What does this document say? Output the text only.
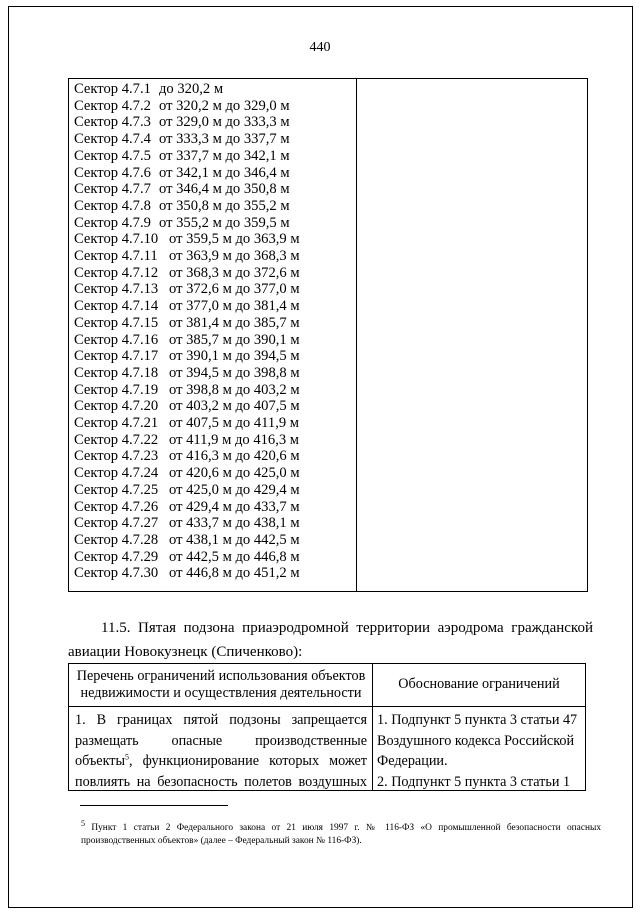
440
Сектор 4.7.1 до 320,2 м
Сектор 4.7.2 от 320,2 м до 329,0 м
Сектор 4.7.3 от 329,0 м до 333,3 м
Сектор 4.7.4 от 333,3 м до 337,7 м
Сектор 4.7.5 от 337,7 м до 342,1 м
Сектор 4.7.6 от 342,1 м до 346,4 м
Сектор 4.7.7 от 346,4 м до 350,8 м
Сектор 4.7.8 от 350,8 м до 355,2 м
Сектор 4.7.9 от 355,2 м до 359,5 м
Сектор 4.7.10 от 359,5 м до 363,9 м
Сектор 4.7.11 от 363,9 м до 368,3 м
Сектор 4.7.12 от 368,3 м до 372,6 м
Сектор 4.7.13 от 372,6 м до 377,0 м
Сектор 4.7.14 от 377,0 м до 381,4 м
Сектор 4.7.15 от 381,4 м до 385,7 м
Сектор 4.7.16 от 385,7 м до 390,1 м
Сектор 4.7.17 от 390,1 м до 394,5 м
Сектор 4.7.18 от 394,5 м до 398,8 м
Сектор 4.7.19 от 398,8 м до 403,2 м
Сектор 4.7.20 от 403,2 м до 407,5 м
Сектор 4.7.21 от 407,5 м до 411,9 м
Сектор 4.7.22 от 411,9 м до 416,3 м
Сектор 4.7.23 от 416,3 м до 420,6 м
Сектор 4.7.24 от 420,6 м до 425,0 м
Сектор 4.7.25 от 425,0 м до 429,4 м
Сектор 4.7.26 от 429,4 м до 433,7 м
Сектор 4.7.27 от 433,7 м до 438,1 м
Сектор 4.7.28 от 438,1 м до 442,5 м
Сектор 4.7.29 от 442,5 м до 446,8 м
Сектор 4.7.30 от 446,8 м до 451,2 м
11.5. Пятая подзона приаэродромной территории аэродрома гражданской
авиации Новокузнецк (Спиченково):
Перечень ограничений использования объектов недвижимости и осуществления деятельности
Обоснование ограничений
1. В границах пятой подзоны запрещается
размещать опасные производственные
объекты$^5$, функционирование которых может
повлиять на безопасность полетов воздушных
1. Подпункт 5 пункта 3 статьи 47
Воздушного кодекса Российской
Федерации.
2. Подпункт 5 пункта 3 статьи 1
$^5$ Пункт 1 статьи 2 Федерального закона от 21 июля 1997 г. № 116-ФЗ «О промышленной безопасности опасных
производственных объектов» (далее – Федеральный закон № 116-ФЗ).
